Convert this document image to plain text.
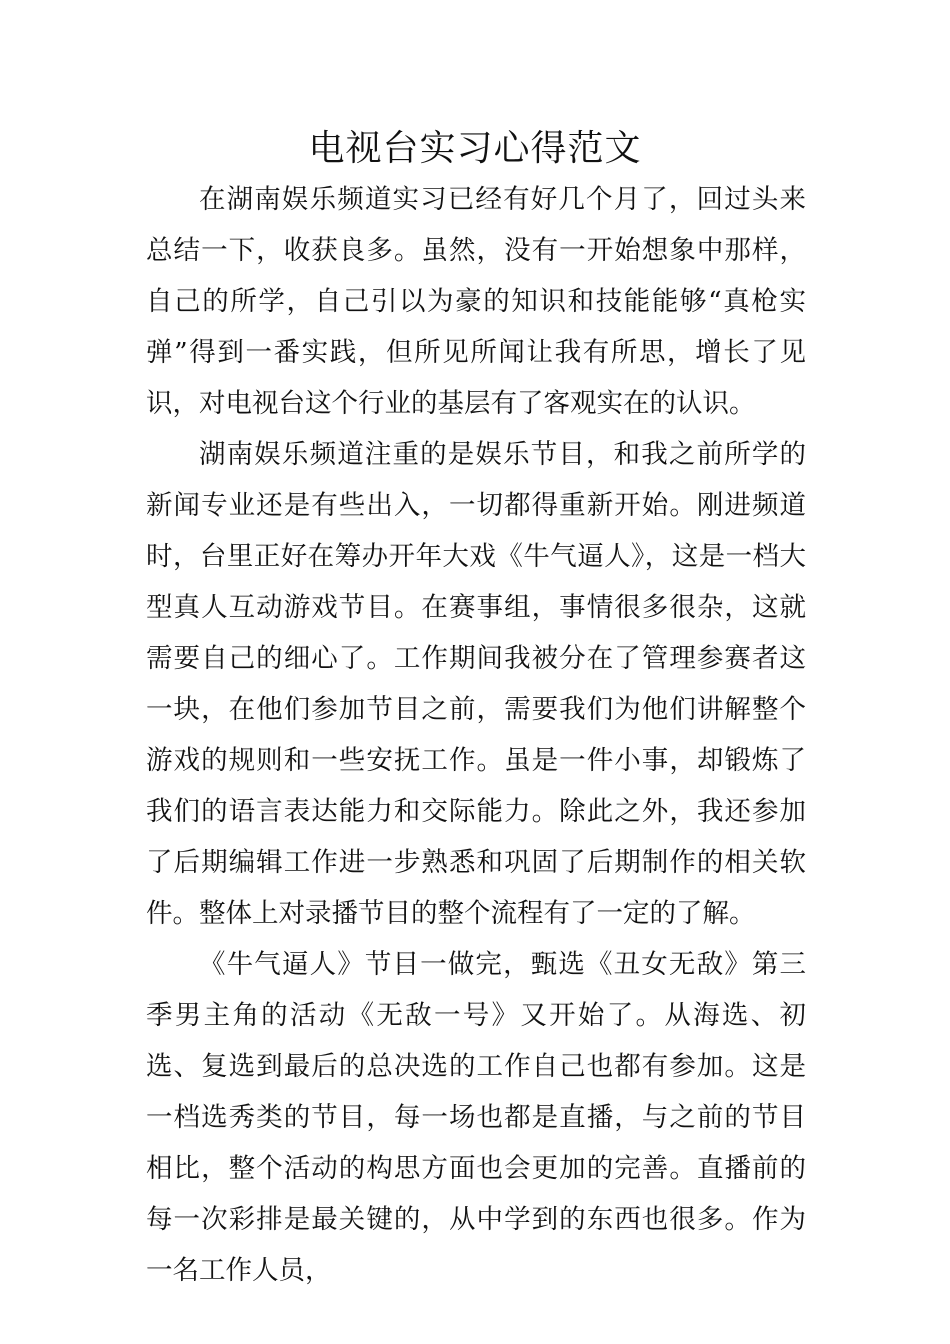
电视台实习心得范文

在湖南娱乐频道实习已经有好几个月了，回过头来总结一下，收获良多。虽然，没有一开始想象中那样，自己的所学，自己引以为豪的知识和技能能够“真枪实弹”得到一番实践，但所见所闻让我有所思，增长了见识，对电视台这个行业的基层有了客观实在的认识。

湖南娱乐频道注重的是娱乐节目，和我之前所学的新闻专业还是有些出入，一切都得重新开始。刚进频道时，台里正好在筹办开年大戏《牛气逼人》，这是一档大型真人互动游戏节目。在赛事组，事情很多很杂，这就需要自己的细心了。工作期间我被分在了管理参赛者这一块，在他们参加节目之前，需要我们为他们讲解整个游戏的规则和一些安抚工作。虽是一件小事，却锻炼了我们的语言表达能力和交际能力。除此之外，我还参加了后期编辑工作进一步熟悉和巩固了后期制作的相关软件。整体上对录播节目的整个流程有了一定的了解。

《牛气逼人》节目一做完，甄选《丑女无敌》第三季男主角的活动《无敌一号》又开始了。从海选、初选、复选到最后的总决选的工作自己也都有参加。这是一档选秀类的节目，每一场也都是直播，与之前的节目相比，整个活动的构思方面也会更加的完善。直播前的每一次彩排是最关键的，从中学到的东西也很多。作为一名工作人员，
